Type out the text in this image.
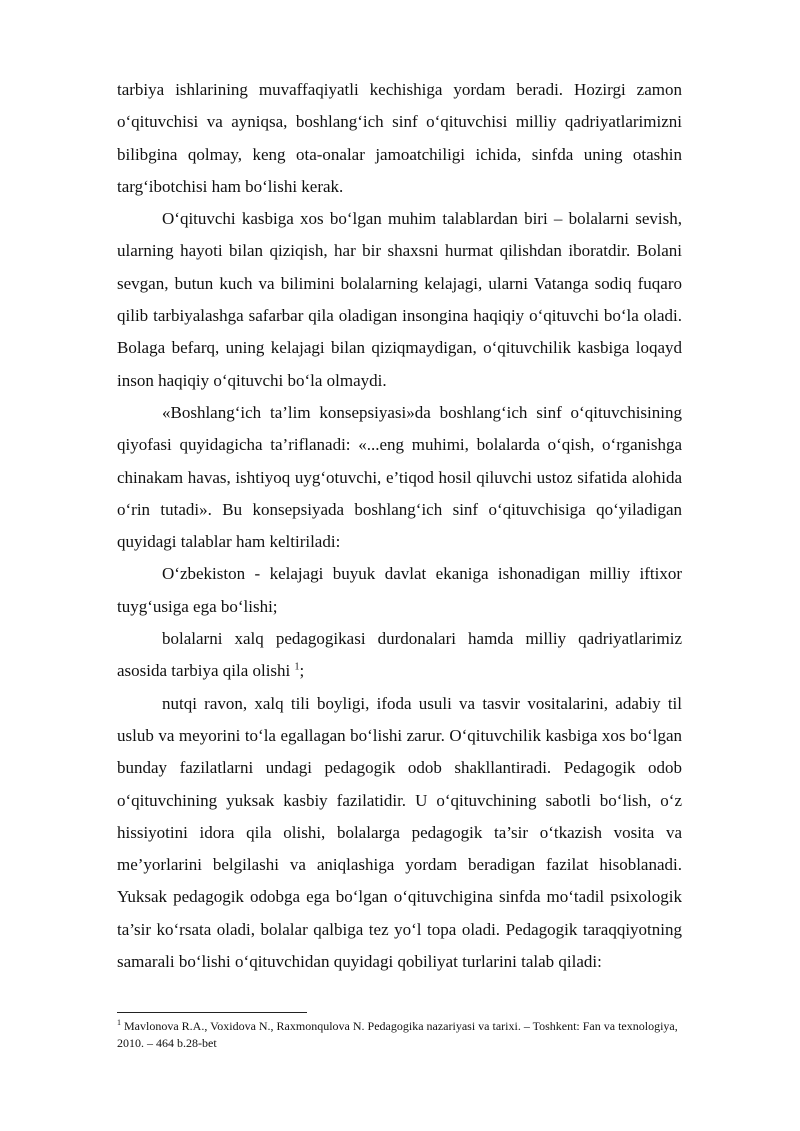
tarbiya ishlarining muvaffaqiyatli kechishiga yordam beradi. Hozirgi zamon o‘qituvchisi va ayniqsa, boshlang‘ich sinf o‘qituvchisi milliy qadriyatlarimizni bilibgina qolmay, keng ota-onalar jamoatchiligi ichida, sinfda uning otashin targ‘ibotchisi ham bo‘lishi kerak.

O‘qituvchi kasbiga xos bo‘lgan muhim talablardan biri – bolalarni sevish, ularning hayoti bilan qiziqish, har bir shaxsni hurmat qilishdan iboratdir. Bolani sevgan, butun kuch va bilimini bolalarning kelajagi, ularni Vatanga sodiq fuqaro qilib tarbiyalashga safarbar qila oladigan insongina haqiqiy o‘qituvchi bo‘la oladi. Bolaga befarq, uning kelajagi bilan qiziqmaydigan, o‘qituvchilik kasbiga loqayd inson haqiqiy o‘qituvchi bo‘la olmaydi.

«Boshlang‘ich ta’lim konsepsiyasi»da boshlang‘ich sinf o‘qituvchisining qiyofasi quyidagicha ta’riflanadi: «...eng muhimi, bolalarda o‘qish, o‘rganishga chinakam havas, ishtiyoq uyg‘otuvchi, e’tiqod hosil qiluvchi ustoz sifatida alohida o‘rin tutadi». Bu konsepsiyada boshlang‘ich sinf o‘qituvchisiga qo‘yiladigan quyidagi talablar ham keltiriladi:

O‘zbekiston - kelajagi buyuk davlat ekaniga ishonadigan milliy iftixor tuyg‘usiga ega bo‘lishi;

bolalarni xalq pedagogikasi durdonalari hamda milliy qadriyatlarimiz asosida tarbiya qila olishi $^1$;

nutqi ravon, xalq tili boyligi, ifoda usuli va tasvir vositalarini, adabiy til uslub va meyorini to‘la egallagan bo‘lishi zarur. O‘qituvchilik kasbiga xos bo‘lgan bunday fazilatlarni undagi pedagogik odob shakllantiradi. Pedagogik odob o‘qituvchining yuksak kasbiy fazilatidir. U o‘qituvchining sabotli bo‘lish, o‘z hissiyotini idora qila olishi, bolalarga pedagogik ta’sir o‘tkazish vosita va me’yorlarini belgilashi va aniqlashiga yordam beradigan fazilat hisoblanadi. Yuksak pedagogik odobga ega bo‘lgan o‘qituvchigina sinfda mo‘tadil psixologik ta’sir ko‘rsata oladi, bolalar qalbiga tez yo‘l topa oladi. Pedagogik taraqqiyotning samarali bo‘lishi o‘qituvchidan quyidagi qobiliyat turlarini talab qiladi:

$^1$ Mavlonova R.A., Voxidova N., Raxmonqulova N. Pedagogika nazariyasi va tarixi. – Toshkent: Fan va texnologiya, 2010. – 464 b.28-bet
